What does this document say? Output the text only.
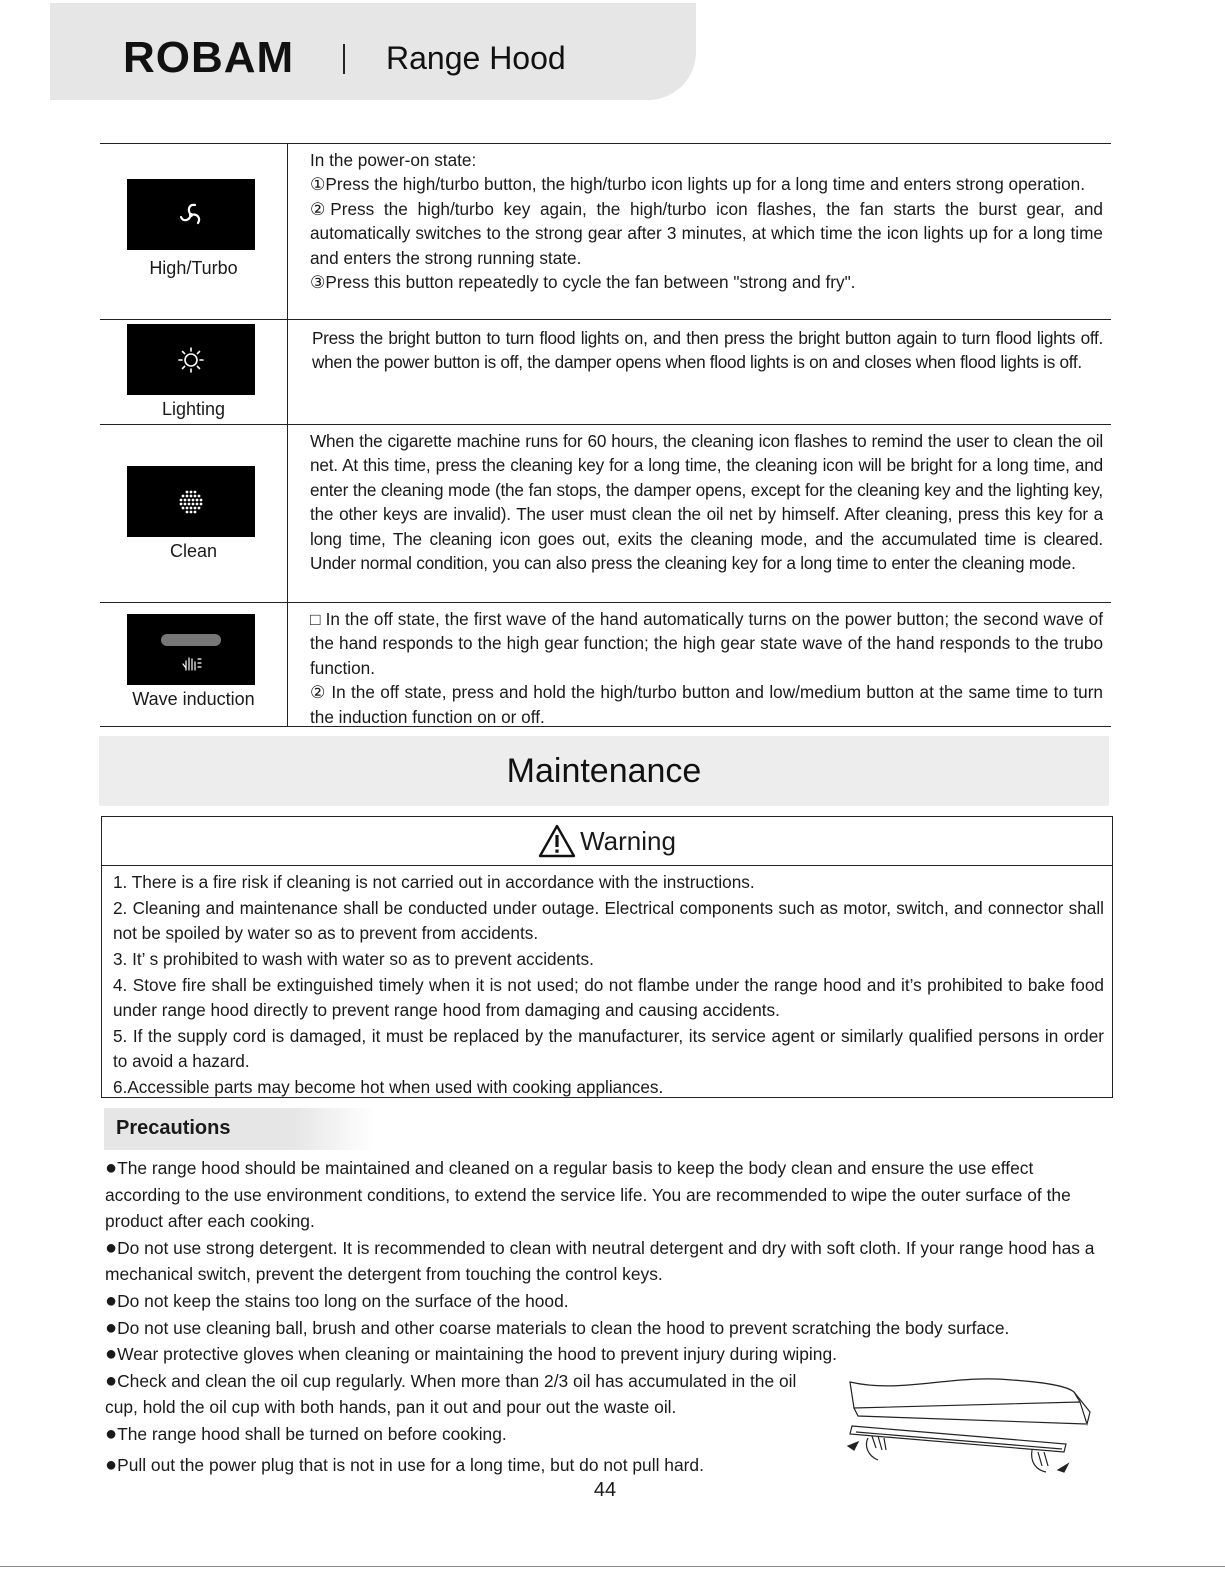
ROBAM	Range Hood
High/Turbo

In the power-on state:

①Press the high/turbo button, the high/turbo icon lights up for a long time and enters strong operation.

②Press the high/turbo key again, the high/turbo icon flashes, the fan starts the burst gear, and automatically switches to the strong gear after 3 minutes, at which time the icon lights up for a long time and enters the strong running state.

③Press this button repeatedly to cycle the fan between "strong and fry".

Lighting

Press the bright button to turn flood lights on, and then press the bright button again to turn flood lights off. when the power button is off, the damper opens when flood lights is on and closes when flood lights is off.

Clean

When the cigarette machine runs for 60 hours, the cleaning icon flashes to remind the user to clean the oil net. At this time, press the cleaning key for a long time, the cleaning icon will be bright for a long time, and enter the cleaning mode (the fan stops, the damper opens, except for the cleaning key and the lighting key, the other keys are invalid). The user must clean the oil net by himself. After cleaning, press this key for a long time, The cleaning icon goes out, exits the cleaning mode, and the accumulated time is cleared. Under normal condition, you can also press the cleaning key for a long time to enter the cleaning mode.

Wave induction

□ In the off state, the first wave of the hand automatically turns on the power button; the second wave of the hand responds to the high gear function; the high gear state wave of the hand responds to the trubo function.

② In the off state, press and hold the high/turbo button and low/medium button at the same time to turn the induction function on or off.

Maintenance
Warning

1. There is a fire risk if cleaning is not carried out in accordance with the instructions.

2. Cleaning and maintenance shall be conducted under outage. Electrical components such as motor, switch, and connector shall not be spoiled by water so as to prevent from accidents.

3. It’ s prohibited to wash with water so as to prevent accidents.

4. Stove fire shall be extinguished timely when it is not used; do not flambe under the range hood and it’s prohibited to bake food under range hood directly to prevent range hood from damaging and causing accidents.

5. If the supply cord is damaged, it must be replaced by the manufacturer, its service agent or similarly qualified persons in order to avoid a hazard.

6.Accessible parts may become hot when used with cooking appliances.

Precautions

●The range hood should be maintained and cleaned on a regular basis to keep the body clean and ensure the use effect according to the use environment conditions, to extend the service life. You are recommended to wipe the outer surface of the product after each cooking.

●Do not use strong detergent. It is recommended to clean with neutral detergent and dry with soft cloth. If your range hood has a mechanical switch, prevent the detergent from touching the control keys.

●Do not keep the stains too long on the surface of the hood.

●Do not use cleaning ball, brush and other coarse materials to clean the hood to prevent scratching the body surface.

●Wear protective gloves when cleaning or maintaining the hood to prevent injury during wiping.

●Check and clean the oil cup regularly. When more than 2/3 oil has accumulated in the oil cup, hold the oil cup with both hands, pan it out and pour out the waste oil.

●The range hood shall be turned on before cooking.

●Pull out the power plug that is not in use for a long time, but do not pull hard.

44
